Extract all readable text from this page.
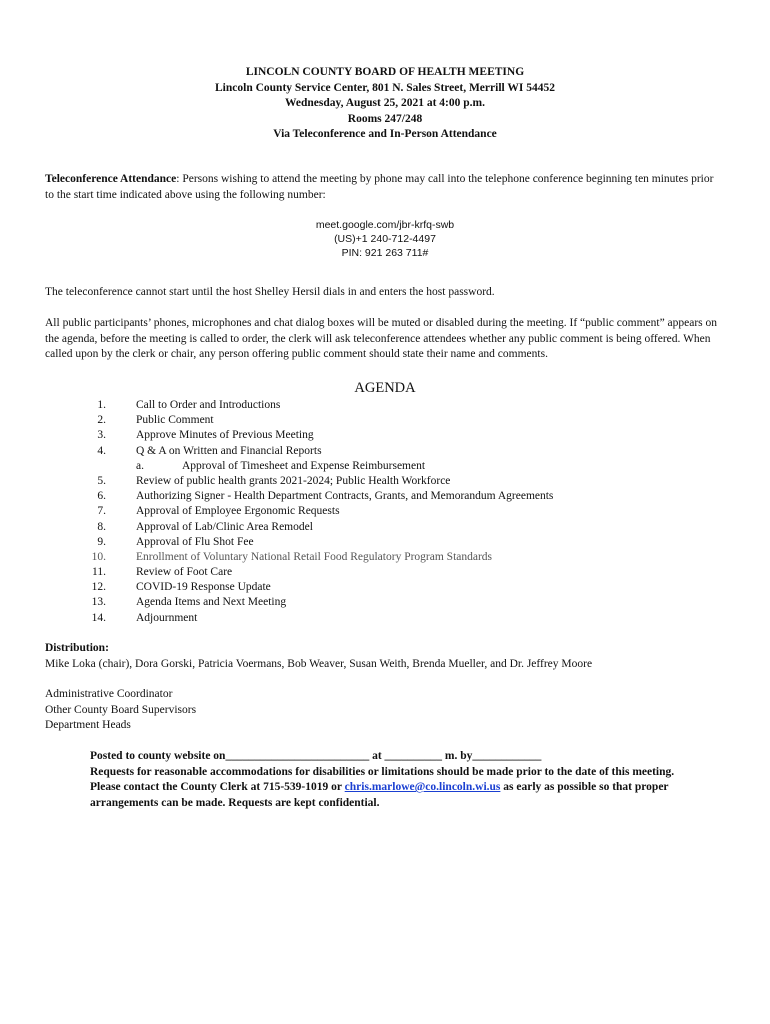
LINCOLN COUNTY BOARD OF HEALTH MEETING
Lincoln County Service Center, 801 N. Sales Street, Merrill WI 54452
Wednesday, August 25, 2021 at 4:00 p.m.
Rooms 247/248
Via Teleconference and In-Person Attendance
Teleconference Attendance: Persons wishing to attend the meeting by phone may call into the telephone conference beginning ten minutes prior to the start time indicated above using the following number:
meet.google.com/jbr-krfq-swb
(US)+1 240-712-4497
PIN: 921 263 711#
The teleconference cannot start until the host Shelley Hersil dials in and enters the host password.
All public participants’ phones, microphones and chat dialog boxes will be muted or disabled during the meeting. If “public comment” appears on the agenda, before the meeting is called to order, the clerk will ask teleconference attendees whether any public comment is being offered. When called upon by the clerk or chair, any person offering public comment should state their name and comments.
AGENDA
1.	Call to Order and Introductions
2.	Public Comment
3.	Approve Minutes of Previous Meeting
4.	Q & A on Written and Financial Reports
a.	Approval of Timesheet and Expense Reimbursement
5.	Review of public health grants 2021-2024; Public Health Workforce
6.	Authorizing Signer - Health Department Contracts, Grants, and Memorandum Agreements
7.	Approval of Employee Ergonomic Requests
8.	Approval of Lab/Clinic Area Remodel
9.	Approval of Flu Shot Fee
10.	Enrollment of Voluntary National Retail Food Regulatory Program Standards
11.	Review of Foot Care
12.	COVID-19 Response Update
13.	Agenda Items and Next Meeting
14.	Adjournment
Distribution:
Mike Loka (chair), Dora Gorski, Patricia Voermans, Bob Weaver, Susan Weith, Brenda Mueller, and Dr. Jeffrey Moore
Administrative Coordinator
Other County Board Supervisors
Department Heads
Posted to county website on_________________________ at __________ m. by____________
Requests for reasonable accommodations for disabilities or limitations should be made prior to the date of this meeting. Please contact the County Clerk at 715-539-1019 or chris.marlowe@co.lincoln.wi.us as early as possible so that proper arrangements can be made. Requests are kept confidential.
